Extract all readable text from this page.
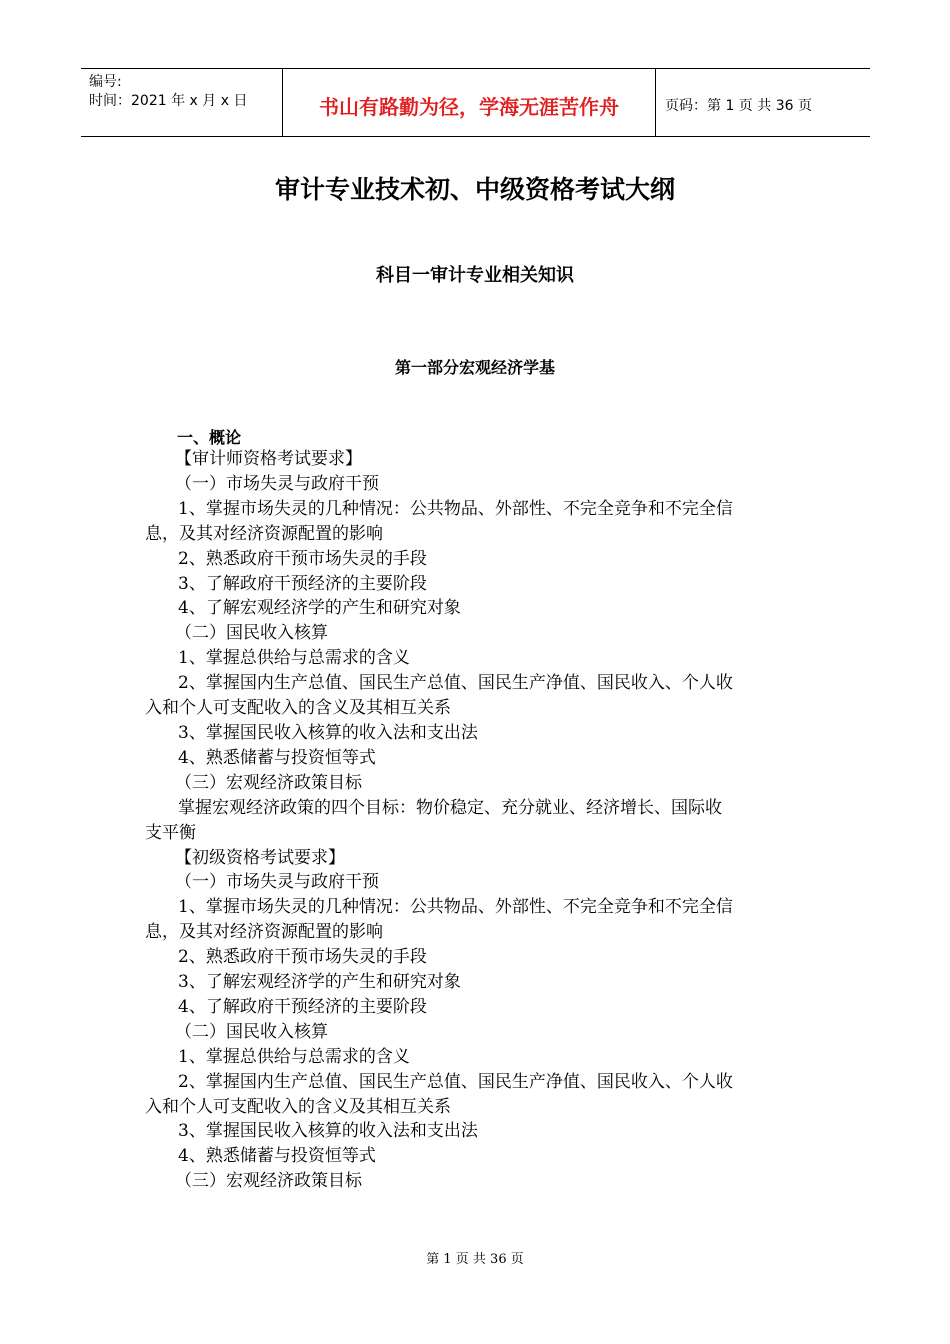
编号:
时间：2021 年 x 月 x 日	书山有路勤为径，学海无涯苦作舟	页码：第 1 页 共 36 页
审计专业技术初、中级资格考试大纲
科目一审计专业相关知识
第一部分宏观经济学基
一、概论
【审计师资格考试要求】
（一）市场失灵与政府干预
1、掌握市场失灵的几种情况：公共物品、外部性、不完全竞争和不完全信
息，及其对经济资源配置的影响
2、熟悉政府干预市场失灵的手段
3、了解政府干预经济的主要阶段
4、了解宏观经济学的产生和研究对象
（二）国民收入核算
1、掌握总供给与总需求的含义
2、掌握国内生产总值、国民生产总值、国民生产净值、国民收入、个人收
入和个人可支配收入的含义及其相互关系
3、掌握国民收入核算的收入法和支出法
4、熟悉储蓄与投资恒等式
（三）宏观经济政策目标
掌握宏观经济政策的四个目标：物价稳定、充分就业、经济增长、国际收
支平衡
【初级资格考试要求】
（一）市场失灵与政府干预
1、掌握市场失灵的几种情况：公共物品、外部性、不完全竞争和不完全信
息，及其对经济资源配置的影响
2、熟悉政府干预市场失灵的手段
3、了解宏观经济学的产生和研究对象
4、了解政府干预经济的主要阶段
（二）国民收入核算
1、掌握总供给与总需求的含义
2、掌握国内生产总值、国民生产总值、国民生产净值、国民收入、个人收
入和个人可支配收入的含义及其相互关系
3、掌握国民收入核算的收入法和支出法
4、熟悉储蓄与投资恒等式
（三）宏观经济政策目标
第 1 页 共 36 页
